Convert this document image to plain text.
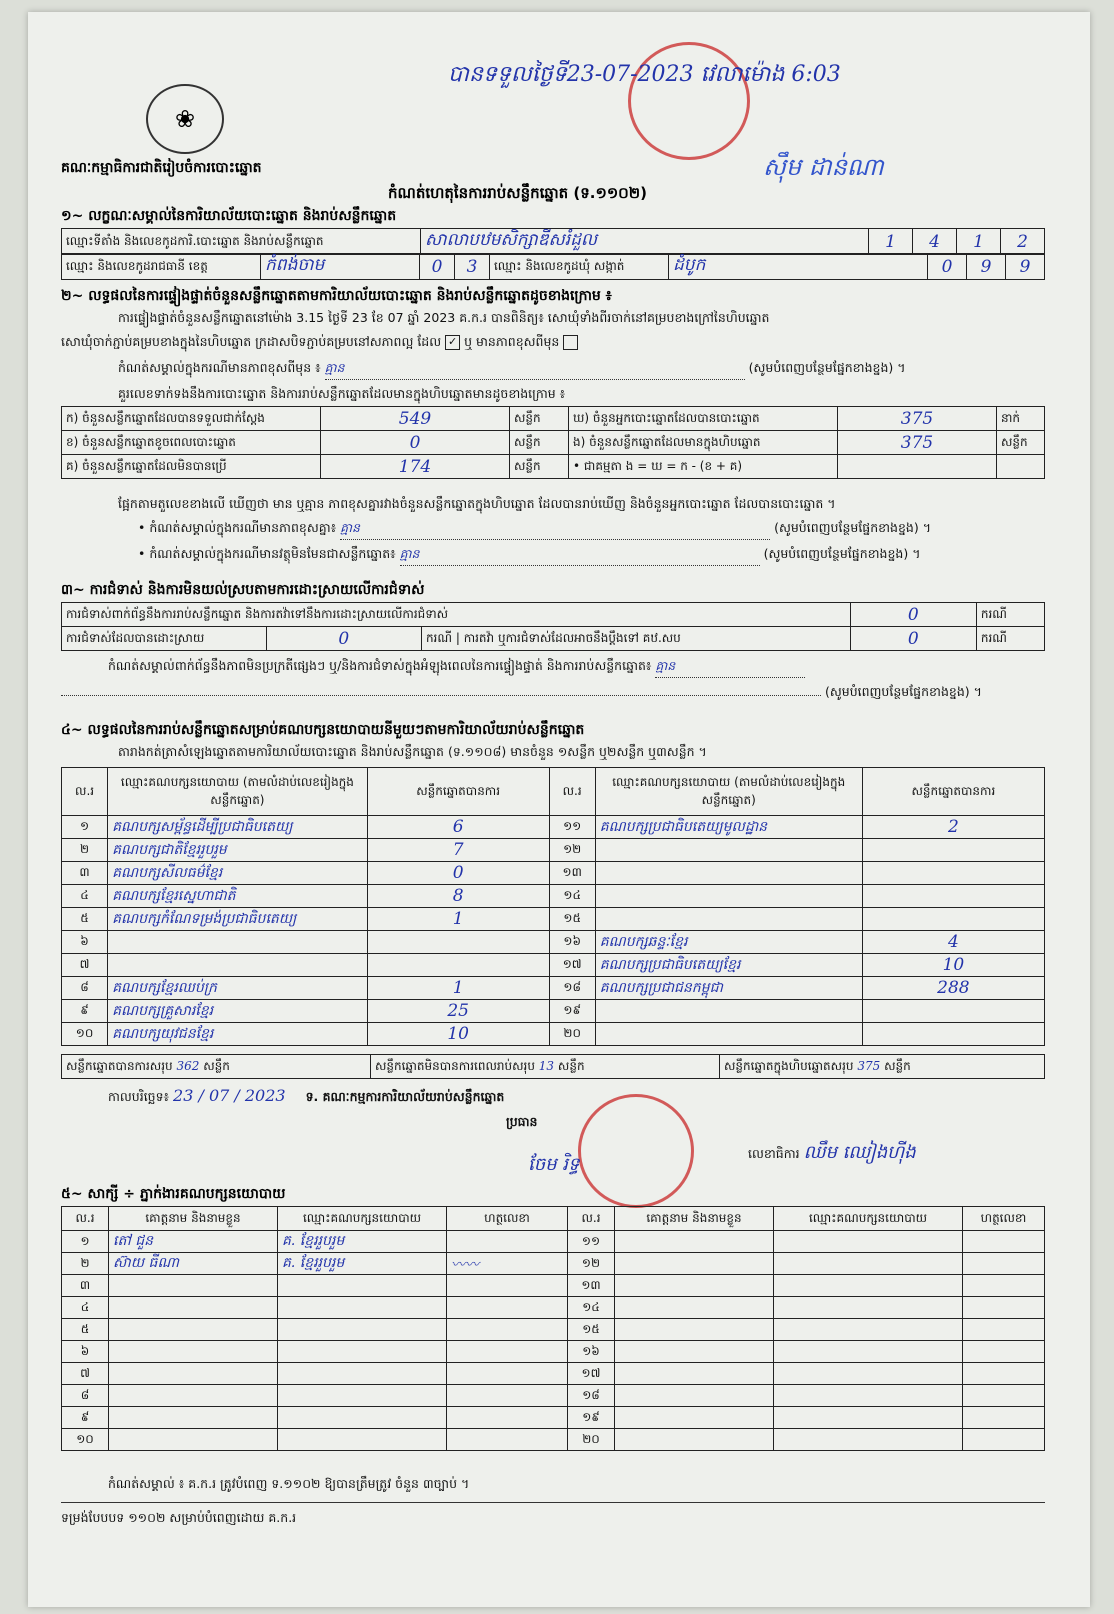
❀
គណៈកម្មាធិការជាតិរៀបចំការបោះឆ្នោត
កំណត់ហេតុនៃការរាប់សន្លឹកឆ្នោត (ទ.១១០២)
បានទទួលថ្ងៃទី23-07-2023 វេលាម៉ោង 6:03
ស៊ឹម ដាន់ណា
១~ លក្ខណៈសម្គាល់នៃការិយាល័យបោះឆ្នោត និងរាប់សន្លឹកឆ្នោត
ឈ្មោះទីតាំង និងលេខកូដការិ.បោះឆ្នោត និងរាប់សន្លឹកឆ្នោត	សាលាបឋមសិក្សាឌីសរំដួល	1	4	1	2
ឈ្មោះ និងលេខកូដរាជធានី ខេត្ត	កំពង់ចាម	0	3	ឈ្មោះ និងលេខកូដឃុំ សង្កាត់	ដំបូក	0	9	9
២~ លទ្ធផលនៃការផ្ទៀងផ្ទាត់ចំនួនសន្លឹកឆ្នោតតាមការិយាល័យបោះឆ្នោត និងរាប់សន្លឹកឆ្នោតដូចខាងក្រោម ៖
ការផ្ទៀងផ្ទាត់ចំនួនសន្លឹកឆ្នោតនៅម៉ោង 3.15 ថ្ងៃទី 23 ខែ 07 ឆ្នាំ 2023 គ.ក.រ បានពិនិត្យ៖ សោឃុំទាំងពីរចាក់នៅគម្របខាងក្រៅនៃហិបឆ្នោត
សោឃុំចាក់ភ្ជាប់គម្របខាងក្នុងនៃហិបឆ្នោត ក្រដាសបិទភ្ជាប់គម្របនៅសភាពល្អ ដែល ✓ ឬ មានភាពខុសពីមុន
កំណត់សម្គាល់ក្នុងករណីមានភាពខុសពីមុន ៖ គ្មាន	(សូមបំពេញបន្ថែមផ្នែកខាងខ្នង) ។
គួរលេខទាក់ទងនឹងការបោះឆ្នោត និងការរាប់សន្លឹកឆ្នោតដែលមានក្នុងហិបឆ្នោតមានដូចខាងក្រោម ៖
ក) ចំនួនសន្លឹកឆ្នោតដែលបានទទួលជាក់ស្តែង	549	សន្លឹក	ឃ) ចំនួនអ្នកបោះឆ្នោតដែលបានបោះឆ្នោត	375	នាក់
ខ) ចំនួនសន្លឹកឆ្នោតខូចពេលបោះឆ្នោត	0	សន្លឹក	ង) ចំនួនសន្លឹកឆ្នោតដែលមានក្នុងហិបឆ្នោត	375	សន្លឹក
គ) ចំនួនសន្លឹកឆ្នោតដែលមិនបានប្រើ	174	សន្លឹក	• ជាគម្មតា ង = ឃ = ក - (ខ + គ)		
ផ្អែកតាមតួលេខខាងលើ ឃើញថា មាន ឬគ្មាន ភាពខុសគ្នារវាងចំនួនសន្លឹកឆ្នោតក្នុងហិបឆ្នោត ដែលបានរាប់ឃើញ និងចំនួនអ្នកបោះឆ្នោត ដែលបានបោះឆ្នោត ។
• កំណត់សម្គាល់ក្នុងករណីមានភាពខុសគ្នា៖ គ្មាន	(សូមបំពេញបន្ថែមផ្នែកខាងខ្នង) ។
• កំណត់សម្គាល់ក្នុងករណីមានវត្ថុមិនមែនជាសន្លឹកឆ្នោត៖ គ្មាន	(សូមបំពេញបន្ថែមផ្នែកខាងខ្នង) ។
៣~ ការជំទាស់ និងការមិនយល់ស្របតាមការដោះស្រាយលើការជំទាស់
ការជំទាស់ពាក់ព័ន្ធនឹងការរាប់សន្លឹកឆ្នោត និងការតវ៉ាទៅនឹងការដោះស្រាយលើការជំទាស់			0	ករណី
ការជំទាស់ដែលបានដោះស្រាយ	0	ករណី | ការតវ៉ា ឬការជំទាស់ដែលអាចនឹងប្តឹងទៅ គឋ.សប	0	ករណី
កំណត់សម្គាល់ពាក់ព័ន្ធនឹងភាពមិនប្រក្រតីផ្សេងៗ ឬ/និងការជំទាស់ក្នុងអំឡុងពេលនៃការផ្ទៀងផ្ទាត់ និងការរាប់សន្លឹកឆ្នោត៖ គ្មាន
(សូមបំពេញបន្ថែមផ្នែកខាងខ្នង) ។
៤~ លទ្ធផលនៃការរាប់សន្លឹកឆ្នោតសម្រាប់គណបក្សនយោបាយនីមួយៗតាមការិយាល័យរាប់សន្លឹកឆ្នោត
តារាងកត់ត្រាសំឡេងឆ្នោតតាមការិយាល័យបោះឆ្នោត និងរាប់សន្លឹកឆ្នោត (ទ.១១០៨) មានចំនួន ១សន្លឹក ឬ២សន្លឹក ឬ៣សន្លឹក ។
ល.រ	ឈ្មោះគណបក្សនយោបាយ (តាមលំដាប់លេខរៀងក្នុងសន្លឹកឆ្នោត)	សន្លឹកឆ្នោតបានការ	ល.រ	ឈ្មោះគណបក្សនយោបាយ (តាមលំដាប់លេខរៀងក្នុងសន្លឹកឆ្នោត)	សន្លឹកឆ្នោតបានការ
១	គណបក្សសម្ព័ន្ធដើម្បីប្រជាធិបតេយ្យ	6	១១	គណបក្សប្រជាធិបតេយ្យមូលដ្ឋាន	2
២	គណបក្សជាតិខ្មែររួបរួម	7	១២		
៣	គណបក្សសីលធម៌ខ្មែរ	0	១៣		
៤	គណបក្សខ្មែរស្នេហាជាតិ	8	១៤		
៥	គណបក្សកំណែទម្រង់ប្រជាធិបតេយ្យ	1	១៥		
៦			១៦	គណបក្សឆន្ទៈខ្មែរ	4
៧			១៧	គណបក្សប្រជាធិបតេយ្យខ្មែរ	10
៨	គណបក្សខ្មែរឈប់ក្រ	1	១៨	គណបក្សប្រជាជនកម្ពុជា	288
៩	គណបក្សគ្រួសារខ្មែរ	25	១៩		
១០	គណបក្សយុវជនខ្មែរ	10	២០		
សន្លឹកឆ្នោតបានការសរុប 362 សន្លឹក	សន្លឹកឆ្នោតមិនបានការពេលរាប់សរុប 13 សន្លឹក	សន្លឹកឆ្នោតក្នុងហិបឆ្នោតសរុប 375 សន្លឹក
កាលបរិច្ឆេទ៖ 23 / 07 / 2023 ទ. គណៈកម្មការការិយាល័យរាប់សន្លឹកឆ្នោត
ប្រធាន
ចែម រិទ្ធ
លេខាធិការ ឈឹម ឈៀងហ៊ីង
៥~ សាក្សី ÷ ភ្នាក់ងារគណបក្សនយោបាយ
ល.រ	គោត្តនាម និងនាមខ្លួន	ឈ្មោះគណបក្សនយោបាយ	ហត្ថលេខា	ល.រ	គោត្តនាម និងនាមខ្លួន	ឈ្មោះគណបក្សនយោបាយ	ហត្ថលេខា
១	តៅ ជួន	គ. ខ្មែររួបរួម		១១			
២	ស៊ាយ ធីណា	គ. ខ្មែររួបរួម	〰〰	១២			
៣				១៣			
៤				១៤			
៥				១៥			
៦				១៦			
៧				១៧			
៨				១៨			
៩				១៩			
១០				២០			
កំណត់សម្គាល់ ៖ គ.ក.រ ត្រូវបំពេញ ទ.១១០២ ឱ្យបានត្រឹមត្រូវ ចំនួន ៣ច្បាប់ ។
ទម្រង់បែបបទ ១១០២ សម្រាប់បំពេញដោយ គ.ក.រ
